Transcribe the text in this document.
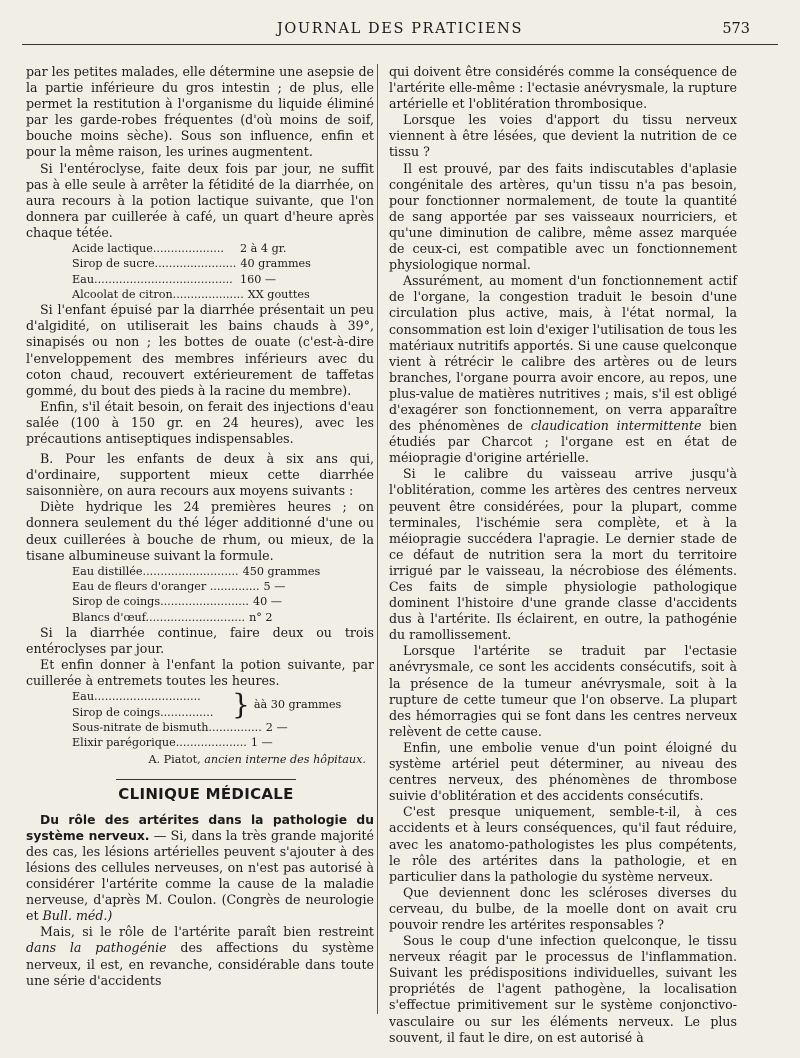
JOURNAL DES PRATICIENS	573

par les petites malades, elle détermine une asepsie de la partie inférieure du gros intestin ; de plus, elle permet la restitution à l'organisme du liquide éliminé par les garde-robes fréquentes (d'où moins de soif, bouche moins sèche). Sous son influence, enfin et pour la même raison, les urines augmentent.

Si l'entéroclyse, faite deux fois par jour, ne suffit pas à elle seule à arrêter la fétidité de la diarrhée, on aura recours à la potion lactique suivante, que l'on donnera par cuillerée à café, un quart d'heure après chaque tétée.

Acide lactique....................	2 à 4 gr.
Sirop de sucre....................... 40 grammes
Eau....................................... 160 —
Alcoolat de citron.................... XX gouttes

Si l'enfant épuisé par la diarrhée présentait un peu d'algidité, on utiliserait les bains chauds à 39°, sinapisés ou non ; les bottes de ouate (c'est-à-dire l'enveloppement des membres inférieurs avec du coton chaud, recouvert extérieurement de taffetas gommé, du bout des pieds à la racine du membre).

Enfin, s'il était besoin, on ferait des injections d'eau salée (100 à 150 gr. en 24 heures), avec les précautions antiseptiques indispensables.

B. Pour les enfants de deux à six ans qui, d'ordinaire, supportent mieux cette diarrhée saisonnière, on aura recours aux moyens suivants :

Diète hydrique les 24 premières heures ; on donnera seulement du thé léger additionné d'une ou deux cuillerées à bouche de rhum, ou mieux, de la tisane albumineuse suivant la formule.

Eau distillée........................... 450 grammes
Eau de fleurs d'oranger .............. 5 —
Sirop de coings......................... 40 —
Blancs d'œuf............................ n° 2

Si la diarrhée continue, faire deux ou trois entéroclyses par jour.

Et enfin donner à l'enfant la potion suivante, par cuillerée à entremets toutes les heures.

Eau..............................
Sirop de coings............... } àà 30 grammes
Sous-nitrate de bismuth............... 2 —
Elixir parégorique.................... 1 —
A. Piatot, ancien interne des hôpitaux.
CLINIQUE MÉDICALE

Du rôle des artérites dans la pathologie du système nerveux. — Si, dans la très grande majorité des cas, les lésions artérielles peuvent s'ajouter à des lésions des cellules nerveuses, on n'est pas autorisé à considérer l'artérite comme la cause de la maladie nerveuse, d'après M. Coulon. (Congrès de neurologie et Bull. méd.)

Mais, si le rôle de l'artérite paraît bien restreint dans la pathogénie des affections du système nerveux, il est, en revanche, considérable dans toute une série d'accidents

qui doivent être considérés comme la conséquence de l'artérite elle-même : l'ectasie anévrysmale, la rupture artérielle et l'oblitération thrombosique.

Lorsque les voies d'apport du tissu nerveux viennent à être lésées, que devient la nutrition de ce tissu ?

Il est prouvé, par des faits indiscutables d'aplasie congénitale des artères, qu'un tissu n'a pas besoin, pour fonctionner normalement, de toute la quantité de sang apportée par ses vaisseaux nourriciers, et qu'une diminution de calibre, même assez marquée de ceux-ci, est compatible avec un fonctionnement physiologique normal.

Assurément, au moment d'un fonctionnement actif de l'organe, la congestion traduit le besoin d'une circulation plus active, mais, à l'état normal, la consommation est loin d'exiger l'utilisation de tous les matériaux nutritifs apportés. Si une cause quelconque vient à rétrécir le calibre des artères ou de leurs branches, l'organe pourra avoir encore, au repos, une plus-value de matières nutritives ; mais, s'il est obligé d'exagérer son fonctionnement, on verra apparaître des phénomènes de claudication intermittente bien étudiés par Charcot ; l'organe est en état de méiopragie d'origine artérielle.

Si le calibre du vaisseau arrive jusqu'à l'oblitération, comme les artères des centres nerveux peuvent être considérées, pour la plupart, comme terminales, l'ischémie sera complète, et à la méiopragie succédera l'apragie. Le dernier stade de ce défaut de nutrition sera la mort du territoire irrigué par le vaisseau, la nécrobiose des éléments. Ces faits de simple physiologie pathologique dominent l'histoire d'une grande classe d'accidents dus à l'artérite. Ils éclairent, en outre, la pathogénie du ramollissement.

Lorsque l'artérite se traduit par l'ectasie anévrysmale, ce sont les accidents consécutifs, soit à la présence de la tumeur anévrysmale, soit à la rupture de cette tumeur que l'on observe. La plupart des hémorragies qui se font dans les centres nerveux relèvent de cette cause.

Enfin, une embolie venue d'un point éloigné du système artériel peut déterminer, au niveau des centres nerveux, des phénomènes de thrombose suivie d'oblitération et des accidents consécutifs.

C'est presque uniquement, semble-t-il, à ces accidents et à leurs conséquences, qu'il faut réduire, avec les anatomo-pathologistes les plus compétents, le rôle des artérites dans la pathologie, et en particulier dans la pathologie du système nerveux.

Que deviennent donc les scléroses diverses du cerveau, du bulbe, de la moelle dont on avait cru pouvoir rendre les artérites responsables ?

Sous le coup d'une infection quelconque, le tissu nerveux réagit par le processus de l'inflammation. Suivant les prédispositions individuelles, suivant les propriétés de l'agent pathogène, la localisation s'effectue primitivement sur le système conjonctivo-vasculaire ou sur les éléments nerveux. Le plus souvent, il faut le dire, on est autorisé à
